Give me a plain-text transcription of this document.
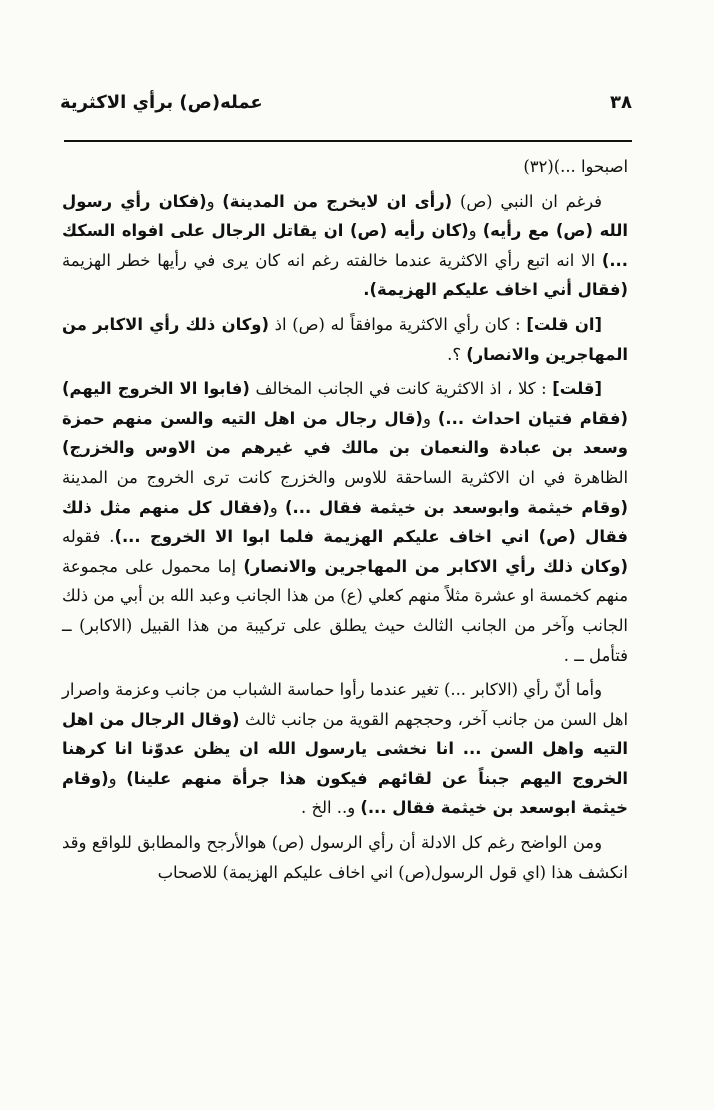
عمله(ص) برأي الاكثرية	٣٨

اصبحوا ...)(٣٢)

فرغم ان النبي (ص) (رأى ان لايخرج من المدينة) و(فكان رأي رسول الله (ص) مع رأيه) و(كان رأيه (ص) ان يقاتل الرجال على افواه السكك ...) الا انه اتبع رأي الاكثرية عندما خالفته رغم انه كان يرى في رأيها خطر الهزيمة (فقال أني اخاف عليكم الهزيمة).

[ان قلت] : كان رأي الاكثرية موافقاً له (ص) اذ (وكان ذلك رأي الاكابر من المهاجرين والانصار) ؟.

[قلت] : كلا ، اذ الاكثرية كانت في الجانب المخالف (فابوا الا الخروج اليهم) (فقام فتيان احداث ...) و(قال رجال من اهل التيه والسن منهم حمزة وسعد بن عبادة والنعمان بن مالك في غيرهم من الاوس والخزرج) الظاهرة في ان الاكثرية الساحقة للاوس والخزرج كانت ترى الخروج من المدينة (وقام خيثمة وابوسعد بن خيثمة فقال ...) و(فقال كل منهم مثل ذلك فقال (ص) اني اخاف عليكم الهزيمة فلما ابوا الا الخروج ...). فقوله (وكان ذلك رأي الاكابر من المهاجرين والانصار) إما محمول على مجموعة منهم كخمسة او عشرة مثلاً منهم كعلي (ع) من هذا الجانب وعبد الله بن أبي من ذلك الجانب وآخر من الجانب الثالث حيث يطلق على تركيبة من هذا القبيل (الاكابر) ــ فتأمل ــ .

وأما أنّ رأي (الاكابر ...) تغير عندما رأوا حماسة الشباب من جانب وعزمة واصرار اهل السن من جانب آخر، وحججهم القوية من جانب ثالث (وقال الرجال من اهل التيه واهل السن ... انا نخشى يارسول الله ان يظن عدوّنا انا كرهنا الخروج اليهم جبناً عن لقائهم فيكون هذا جرأة منهم علينا) و(وقام خيثمة ابوسعد بن خيثمة فقال ...) و.. الخ .

ومن الواضح رغم كل الادلة أن رأي الرسول (ص) هوالأرجح والمطابق للواقع وقد انكشف هذا (اي قول الرسول(ص) اني اخاف عليكم الهزيمة) للاصحاب
